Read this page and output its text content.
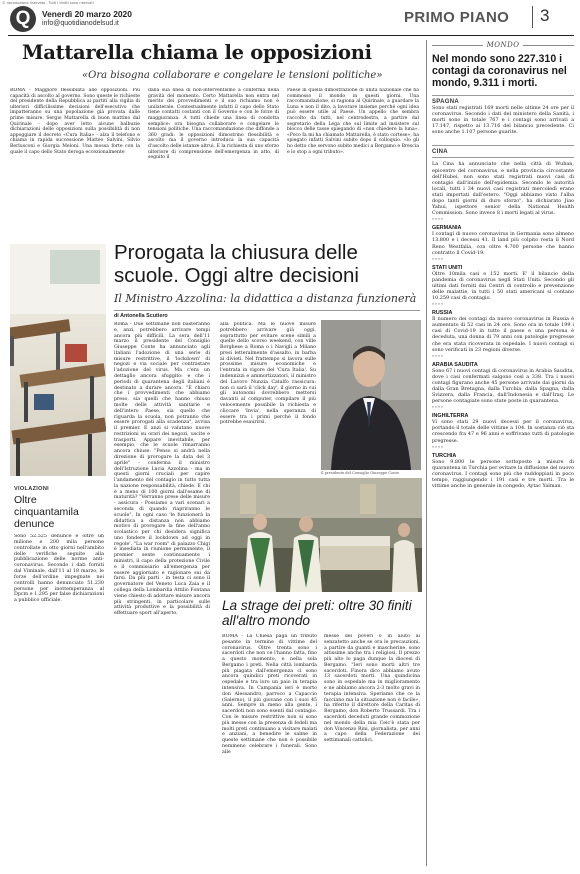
© riproduzione riservata - Tutti i diritti sono riservati
Q	Venerdì 20 marzo 2020
info@quotidianodelsud.it	PRIMO PIANO 3
Mattarella chiama le opposizioni
«Ora bisogna collaborare e congelare le tensioni politiche»
ROMA - Maggiore flessibilità alle opposizioni. Più capacità di ascolto al governo. Sono queste le richieste del presidente della Repubblica ai partiti alla vigilia di ulteriori difficilissime decisioni dell'esecutivo che impatteranno su una popolazione già provata dalle prime misure. Sergio Mattarella di buon mattino dal Quirinale - dopo aver letto alcune balbuzie dichiarazioni delle opposizioni sulla possibilità di non appoggiare il decreto «Cura Italia» - alza il telefono e chiama in rapida successione Matteo Salvini, Silvio Berlusconi e Giorgia Meloni. Una mossa forte con la quale il capo dello Stato deroga eccezionalmente
dalla sua linea di non-interventismo a conferma della gravità del momento. Certo Mattarella non entra nel merito dei provvedimenti e il suo richiamo non è unilaterale. Contestualmente infatti il capo dello Stato tiene contatti costanti con il Governo e con le forze di maggioranza. A tutti chiede una linea di condotta semplice: ora bisogna collaborare e congelare le tensioni politiche. Una raccomandazione che diffonde a 360 gradi: le opposizioni dimostrino flessibilità e ascolto ma il governo introduca la sua capacità d'ascolto delle istanze altrui. E la richiesta di uno sforzo ulteriore di comprensione dell'emergenza in atto, di seguito il
Paese in quella dimostrazione di unità nazionale che ha commosso il mondo in questi giorni. Una raccomandazione, si ragiona al Quirinale, a guardare la Luna e non il dito, a lavorare insieme perché ogni idea può essere utile al Paese. Un appello che sembra raccolto da tutti, nel centrodestra, a partire dal segretario della Lega che sul limite ad insistere sul blocco delle tasse spiegando di «non chiedere la luna». «Poco fa mi ha chiamato Mattarella, è stato cortese», ha spiegato infatti Salvini subito dopo il colloquio. «Io gli ho detto che servono subito medici a Bergamo e Brescia e lo stop a ogni tributo».
MONDO
Nel mondo sono 227.310 i contagi da coronavirus nel mondo, 9.311 i morti.
SPAGNA
Sono stati registrati 169 morti nelle ultime 24 ore per il coronavirus. Secondo i dati del ministero della Sanità, i morti sono in totale 767 e i contagi sono arrivati a 17.147, rispetto ai 13.716 del bilancio precedente. Ci sono anche 1.107 persone guarite.
CINA
La Cina ha annunciato che nella città di Wuhan, epicentro del coronavirus, e nella provincia circostante dell'Hubei, non sono stati registrati nuovi casi di contagio dall'inizio dell'epidemia. Secondo le autorità locali, tutti i 34 nuovi casi registrati mercoledì erano stati importati dall'estero. "Oggi abbiamo visto l'alba dopo tanti giorni di duro sforzo", ha dichiarato Jiao Yahui, ispettore senior della National Health Commission. Sono invece 8 i morti legati al virus.
****
GERMANIA
I contagi di nuovo coronavirus in Germania sono almeno 13.800 e i decessi 41. Il land più colpito resta il Nord Reno Westfalia, con oltre 4.700 persone che hanno contratto il Covid-19.
****
STATI UNITI
Oltre 10mila casi e 152 morti. E' il bilancio della pandemia di coronavirus negli Stati Uniti. Secondo gli ultimi dati forniti dai Centri di controllo e prevenzione delle malattie, in tutti i 50 stati americani si contano 10.259 casi di contagio.
****
RUSSIA
Il numero dei contagi da nuovo coronavirus in Russia è aumentato di 52 casi in 24 ore. Sono ora in totale 199 i casi di Covid-19 in tutto il paese e una persona è deceduta, una donna di 79 anni con patologie pregresse che era stata ricoverata in ospedale. I nuovi contagi si sono verificati in 23 regioni diverse.
****
ARABIA SAUDITA
Sono 67 i nuovi contagi di coronavirus in Arabia Saudita, dove i casi confermati salgono così a 338. Tra i nuovi contagi figurano anche 45 persone arrivate dai giorni da dalla Gran Bretagna, dalla Turchia, dalla Spagna, dalla Svizzera, dalla Francia, dall'Indonesia e dall'Iraq. Le persone contagiate sono state poste in quarantena.
****
INGHILTERRA
Vi sono stati 29 nuovi decessi per il coronavirus, portando il totale delle vittime a 104. In sostanza ciò sta crescendo fra 47 e 96 anni e soffrivano tutti di patologie pregresse.
****
TURCHIA
Sono 9.800 le persone sottoposte a misure di quarantena in Turchia per evitare la diffusione del nuovo coronavirus. I contagi sono più che raddoppiati in poco tempo, raggiungendo i 191 casi e tre morti. Tra le vittime anche in generale in congedo, Aytac Yalman.
Prorogata la chiusura delle scuole. Oggi altre decisioni
Il Ministro Azzolina: la didattica a distanza funzionerà
di Antonella Scutiero
Roma - Due settimane non basteranno e, anzi, potrebbero arrivare tempi ancora più difficili. La sera dell'11 marzo il presidente del Consiglio Giuseppe Conte ha annunciato agli italiani l'adozione di una serie di misure restrittive, il 'lockdown' di negozi e via sociale per contrastare l'adozione del virus. Ma c'era un dettaglio ancora sfuggito: e che i periodi di quarantena degli italiani è destinato a durare ancora. "È chiaro che i provvedimenti che abbiamo preso, sia quelli che hanno chiuso molte delle attività sanitarie e dell'intero Paese, sia quello che riguarda la scuola, non potranno che essere prorogati alla scadenza", avvisa il premier. E anzi si valutano nuove restrizioni su orari dei negozi, uscite e trasporti. Appare inevitabile, per esempio, che le scuole rimarranno ancora chiuse: "Penso si andrà nella direzione di prorogare la data del 3 aprile" - conferma il ministro dell'Istruzione Lucia Azzolina - ma in questi giorni cruciali per capire l'andamento del contagio in tutto tutta la nazione responsabilità, chiede. E chi è a meno di 100 giorni dall'esame di maturità? "Verranno prese delle misure - assicura - Possiamo a vari scenari a seconda di quando riapriranno le scuole". In ogni caso 'le funzionerà la didattica a distanza non abbiamo motivo di prorogare la fine dell'anno scolastico per chi desidera significa uno fondere il lockdown ad oggi in regole'. "La war room" di palazzo Chigi è insediata in riunione permanente, il premier sente continuamente i ministri, il capo della protezione Civile e il commissario all'emergenza per essere aggiornato e ragionare sui da farsi. Da più parti - in testa ci sono il governatore del Veneto Luca Zaia e il collega della Lombardia Attilio Fontana viene chiesto di adottare misure ancora più stringenti, in particolare sulle attività produttive e la possibilità di effettuare sport all'aperto.
alla politica. Ma le nuove misure potrebbero arrivare già oggi, soprattutto per evitare scene simili a quelle dello scorso weekend, con ville Borghese a Roma o i Navigli a Milano presi letteralmente d'assalto, in barba ai divieti. Nel frattempo si lavora sulle prossime misure economiche e l'entrata in vigore del 'Cura Italia'. Su indennizzi e ammortizzatori, il ministro del Lavoro Nunzia Catalfo rassicura: non ci sarà il 'click day', il giorno in cui gli autonomi dovrebbero mettersi davanti al computer, compilare il più velocemente possibile la richiesta e cliccare 'Invia', nella speranza di essere tra i primi perché il fondo potrebbe esaurirsi.
Il presidente del Consiglio Giuseppe Conte
VIOLAZIONI
Oltre cinquantamila denunce
Sono 52.525 denunce e oltre un milione e 200 mila persone controllate in otto giorni nell'ambito delle verifiche seguite alla pubblicazione delle norme anti-coronavirus. Secondo i dati forniti dal Viminale, dall'11 al 18 marzo, le forze dell'ordine impegnate nei controlli hanno denunciato 51.230 persone per inottemperanza al Dpcm e 1.295 per false dichiarazioni a pubblico ufficiale.	La strage dei preti: oltre 30 finiti all'altro mondo
ROMA - La Chiesa paga un tributo pesante in termine di vittime del coronavirus. Oltre trenta sono i sacerdoti che non ce l'hanno fatta, fino a questo momento, e nella sola Bergamo i preti. Nella città lombarda più piagata dall'emergenza ci sono ancora quindici preti ricoverati in ospedale e tra loro un paio in terapia intensiva. In Campania ieri è morto don Alessandro, parroco a Capaccio (Salerno), il più giovane con i suoi 45 anni. Sempre in meno alla gente, i sacerdoti non sono esenti dal contagio. Con le misure restrittive non si sono più messe con la presenza di fedeli ma molti preti continuano a visitare malati e anziani, a benedire le salme in queste settimane che non è possibile nemmeno celebrare i funerali. Sono alle
messe dei poveri o in aiuto ai senzatetto anche se ora le precauzioni, a partire da guanti e mascherine, sono altissime anche tra i religiosi. Il prezzo più alto lo paga dunque la diocesi di Bergamo. "Ieri sono morti altri tre sacerdoti. Finora dico abbiamo avuto 13 sacerdoti morti. Una quindicina sono in ospedale ma in miglioramento e ne abbiamo ancora 2-3 molto gravi in terapia intensiva. Speriamo che ce la facciano ma la situazione non è facile», ha riferito il direttore della Caritas di Bergamo, don Roberto Trussardi. Tra i sacerdoti deceduti grande commozione nel mondo della mia Ceic'è stata per don Vincenzo Rini, giornalista, per anni a capo della Federazione dei settimanali cattolici.
